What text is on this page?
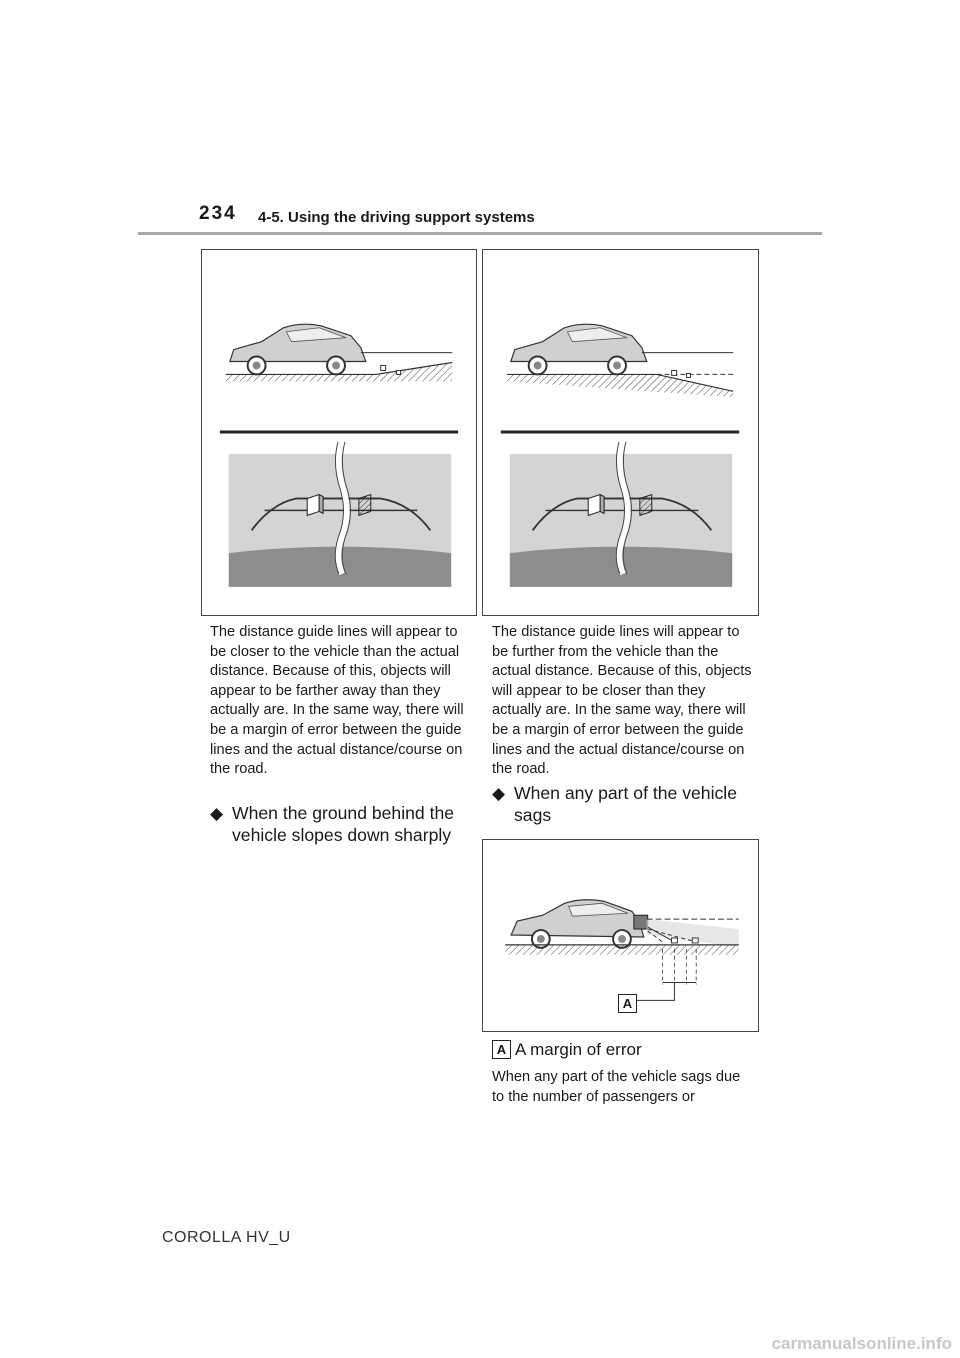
234 4-5. Using the driving support systems
The distance guide lines will appear to be closer to the vehicle than the actual distance. Because of this, objects will appear to be farther away than they actually are. In the same way, there will be a margin of error between the guide lines and the actual distance/course on the road.
◆ When the ground behind the vehicle slopes down sharply
The distance guide lines will appear to be further from the vehicle than the actual distance. Because of this, objects will appear to be closer than they actually are. In the same way, there will be a margin of error between the guide lines and the actual distance/course on the road.
◆ When any part of the vehicle sags
A
A A margin of error
When any part of the vehicle sags due to the number of passengers or
COROLLA HV_U
carmanualsonline.info
